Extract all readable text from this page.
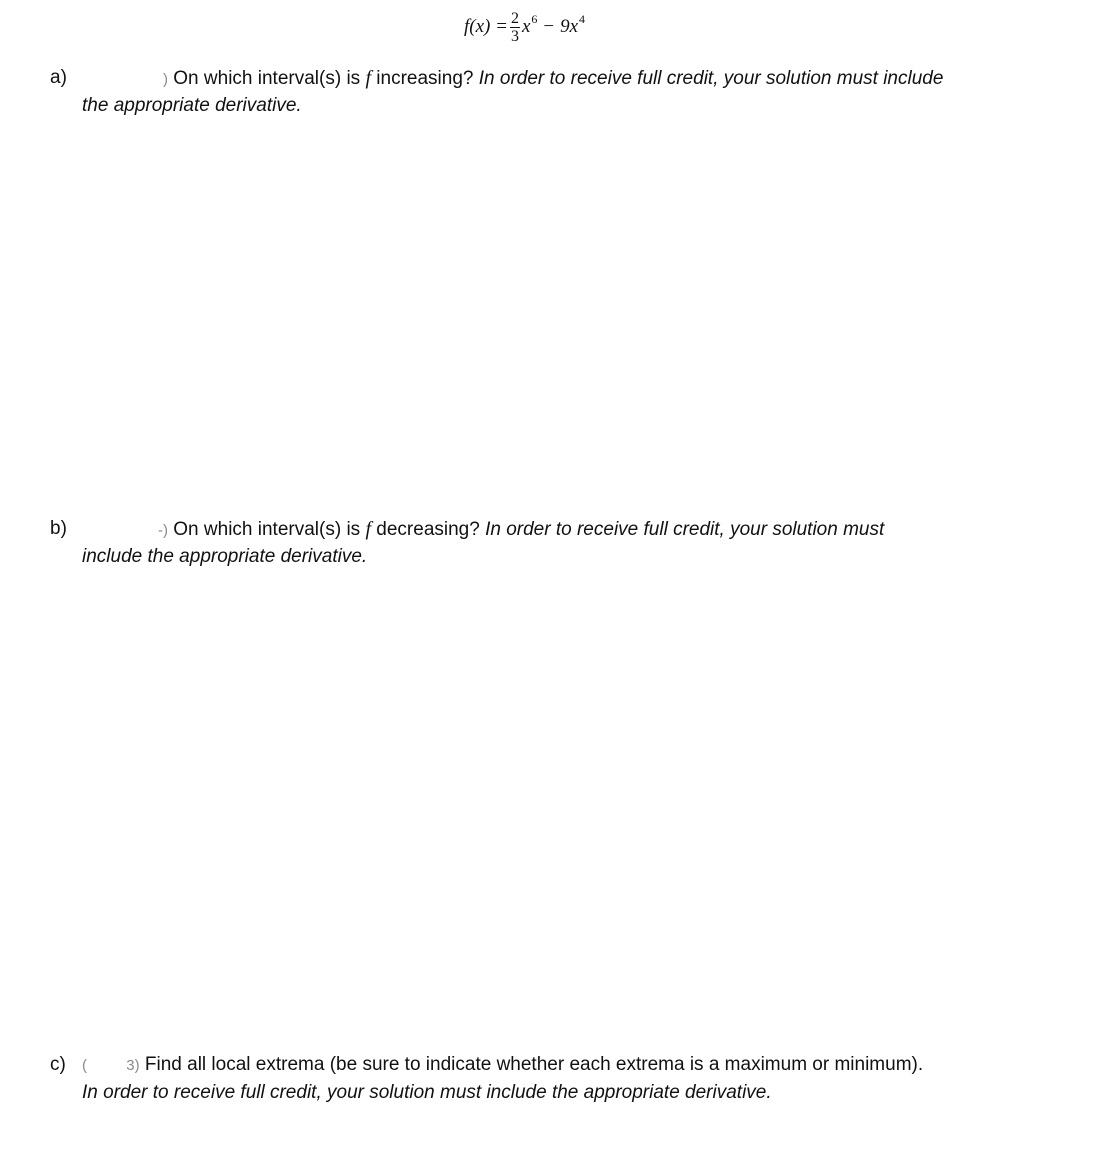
$f(x) = \frac{2}{3}$ x 6 − 9x 4
a)	) On which interval(s) is f increasing? In order to receive full credit, your solution must include
the appropriate derivative.
b)	-) On which interval(s) is f decreasing? In order to receive full credit, your solution must
include the appropriate derivative.
c) (	3) Find all local extrema (be sure to indicate whether each extrema is a maximum or minimum).
In order to receive full credit, your solution must include the appropriate derivative.
